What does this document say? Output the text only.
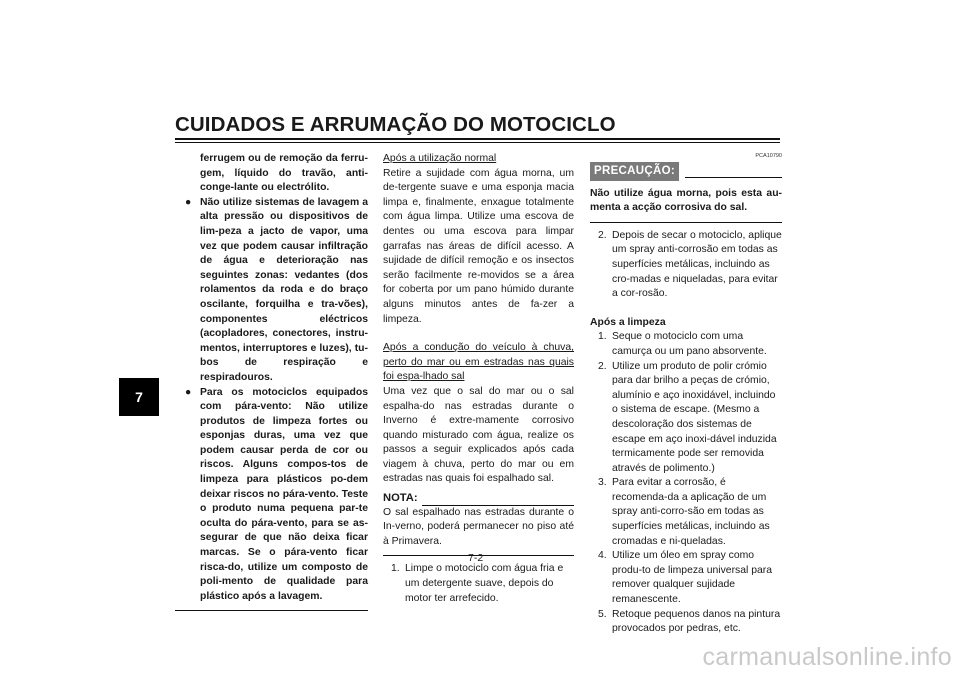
CUIDADOS E ARRUMAÇÃO DO MOTOCICLO
7

ferrugem ou de remoção da ferru-gem, líquido do travão, anti-conge-lante ou electrólito.

● Não utilize sistemas de lavagem a alta pressão ou dispositivos de lim-peza a jacto de vapor, uma vez que podem causar infiltração de água e deterioração nas seguintes zonas: vedantes (dos rolamentos da roda e do braço oscilante, forquilha e tra-vões), componentes eléctricos (acopladores, conectores, instru-mentos, interruptores e luzes), tu-bos de respiração e respiradouros.
● Para os motociclos equipados com pára-vento: Não utilize produtos de limpeza fortes ou esponjas duras, uma vez que podem causar perda de cor ou riscos. Alguns compos-tos de limpeza para plásticos po-dem deixar riscos no pára-vento. Teste o produto numa pequena par-te oculta do pára-vento, para se as-segurar de que não deixa ficar marcas. Se o pára-vento ficar risca-do, utilize um composto de poli-mento de qualidade para plástico após a lavagem.

Após a utilização normal

Retire a sujidade com água morna, um de-tergente suave e uma esponja macia limpa e, finalmente, enxague totalmente com água limpa. Utilize uma escova de dentes ou uma escova para limpar garrafas nas áreas de difícil acesso. A sujidade de difícil remoção e os insectos serão facilmente re-movidos se a área for coberta por um pano húmido durante alguns minutos antes de fa-zer a limpeza.

Após a condução do veículo à chuva, perto do mar ou em estradas nas quais foi espa-lhado sal

Uma vez que o sal do mar ou o sal espalha-do nas estradas durante o Inverno é extre-mamente corrosivo quando misturado com água, realize os passos a seguir explicados após cada viagem à chuva, perto do mar ou em estradas nas quais foi espalhado sal.

NOTA:

O sal espalhado nas estradas durante o In-verno, poderá permanecer no piso até à Primavera.

1. Limpe o motociclo com água fria e um detergente suave, depois do motor ter arrefecido.
PCA10790
PRECAUÇÃO:

Não utilize água morna, pois esta au-menta a acção corrosiva do sal.

2. Depois de secar o motociclo, aplique um spray anti-corrosão em todas as superfícies metálicas, incluindo as cro-madas e niqueladas, para evitar a cor-rosão.

Após a limpeza

1. Seque o motociclo com uma camurça ou um pano absorvente.
2. Utilize um produto de polir crómio para dar brilho a peças de crómio, alumínio e aço inoxidável, incluindo o sistema de escape. (Mesmo a descoloração dos sistemas de escape em aço inoxi-dável induzida termicamente pode ser removida através de polimento.)
3. Para evitar a corrosão, é recomenda-da a aplicação de um spray anti-corro-são em todas as superfícies metálicas, incluindo as cromadas e ni-queladas.
4. Utilize um óleo em spray como produ-to de limpeza universal para remover qualquer sujidade remanescente.
5. Retoque pequenos danos na pintura provocados por pedras, etc.
7-2
carmanualsonline.info
